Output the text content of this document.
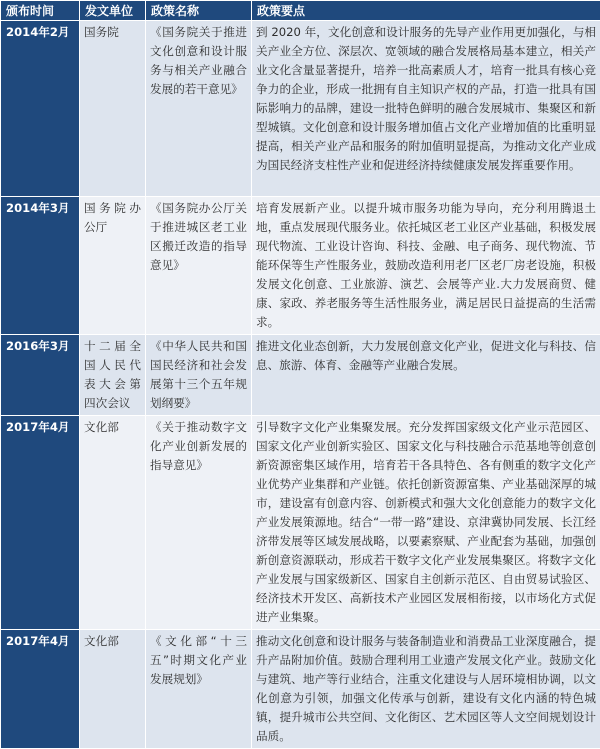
颁布时间	发文单位	政策名称	政策要点
2014年2月	国务院	《国务院关于推进文化创意和设计服务与相关产业融合发展的若干意见》	到 2020 年，文化创意和设计服务的先导产业作用更加强化，与相关产业全方位、深层次、宽领域的融合发展格局基本建立，相关产业文化含量显著提升，培养一批高素质人才，培育一批具有核心竞争力的企业，形成一批拥有自主知识产权的产品，打造一批具有国际影响力的品牌，建设一批特色鲜明的融合发展城市、集聚区和新型城镇。文化创意和设计服务增加值占文化产业增加值的比重明显提高，相关产业产品和服务的附加值明显提高，为推动文化产业成为国民经济支柱性产业和促进经济持续健康发展发挥重要作用。
2014年3月	国务院办公厅	《国务院办公厅关于推进城区老工业区搬迁改造的指导意见》	培育发展新产业。以提升城市服务功能为导向，充分利用腾退土地，重点发展现代服务业。依托城区老工业区产业基础，积极发展现代物流、工业设计咨询、科技、金融、电子商务、现代物流、节能环保等生产性服务业，鼓励改造利用老厂区老厂房老设施，积极发展文化创意、工业旅游、演艺、会展等产业.大力发展商贸、健康、家政、养老服务等生活性服务业，满足居民日益提高的生活需求。
2016年3月	十二届全国人民代表大会第四次会议	《中华人民共和国国民经济和社会发展第十三个五年规划纲要》	推进文化业态创新，大力发展创意文化产业，促进文化与科技、信息、旅游、体育、金融等产业融合发展。
2017年4月	文化部	《关于推动数字文化产业创新发展的指导意见》	引导数字文化产业集聚发展。充分发挥国家级文化产业示范园区、国家文化产业创新实验区、国家文化与科技融合示范基地等创意创新资源密集区域作用，培育若干各具特色、各有侧重的数字文化产业优势产业集群和产业链。依托创新资源富集、产业基础深厚的城市，建设富有创意内容、创新模式和强大文化创意能力的数字文化产业发展策源地。结合“一带一路”建设、京津冀协同发展、长江经济带发展等区域发展战略，以要素察赋、产业配套为基础，加强创新创意资源联动，形成若干数字文化产业发展集聚区。将数字文化产业发展与国家级新区、国家自主创新示范区、自由贸易试验区、经济技术开发区、高新技术产业园区发展相衔接，以市场化方式促进产业集聚。
2017年4月	文化部	《文化部“十三五”时期文化产业发展规划》	推动文化创意和设计服务与装备制造业和消费品工业深度融合，提升产品附加价值。鼓励合理利用工业遗产发展文化产业。鼓励文化与建筑、地产等行业结合，注重文化建设与人居环境相协调，以文化创意为引领，加强文化传承与创新，建设有文化内涵的特色城镇，提升城市公共空间、文化街区、艺术园区等人文空间规划设计品质。
